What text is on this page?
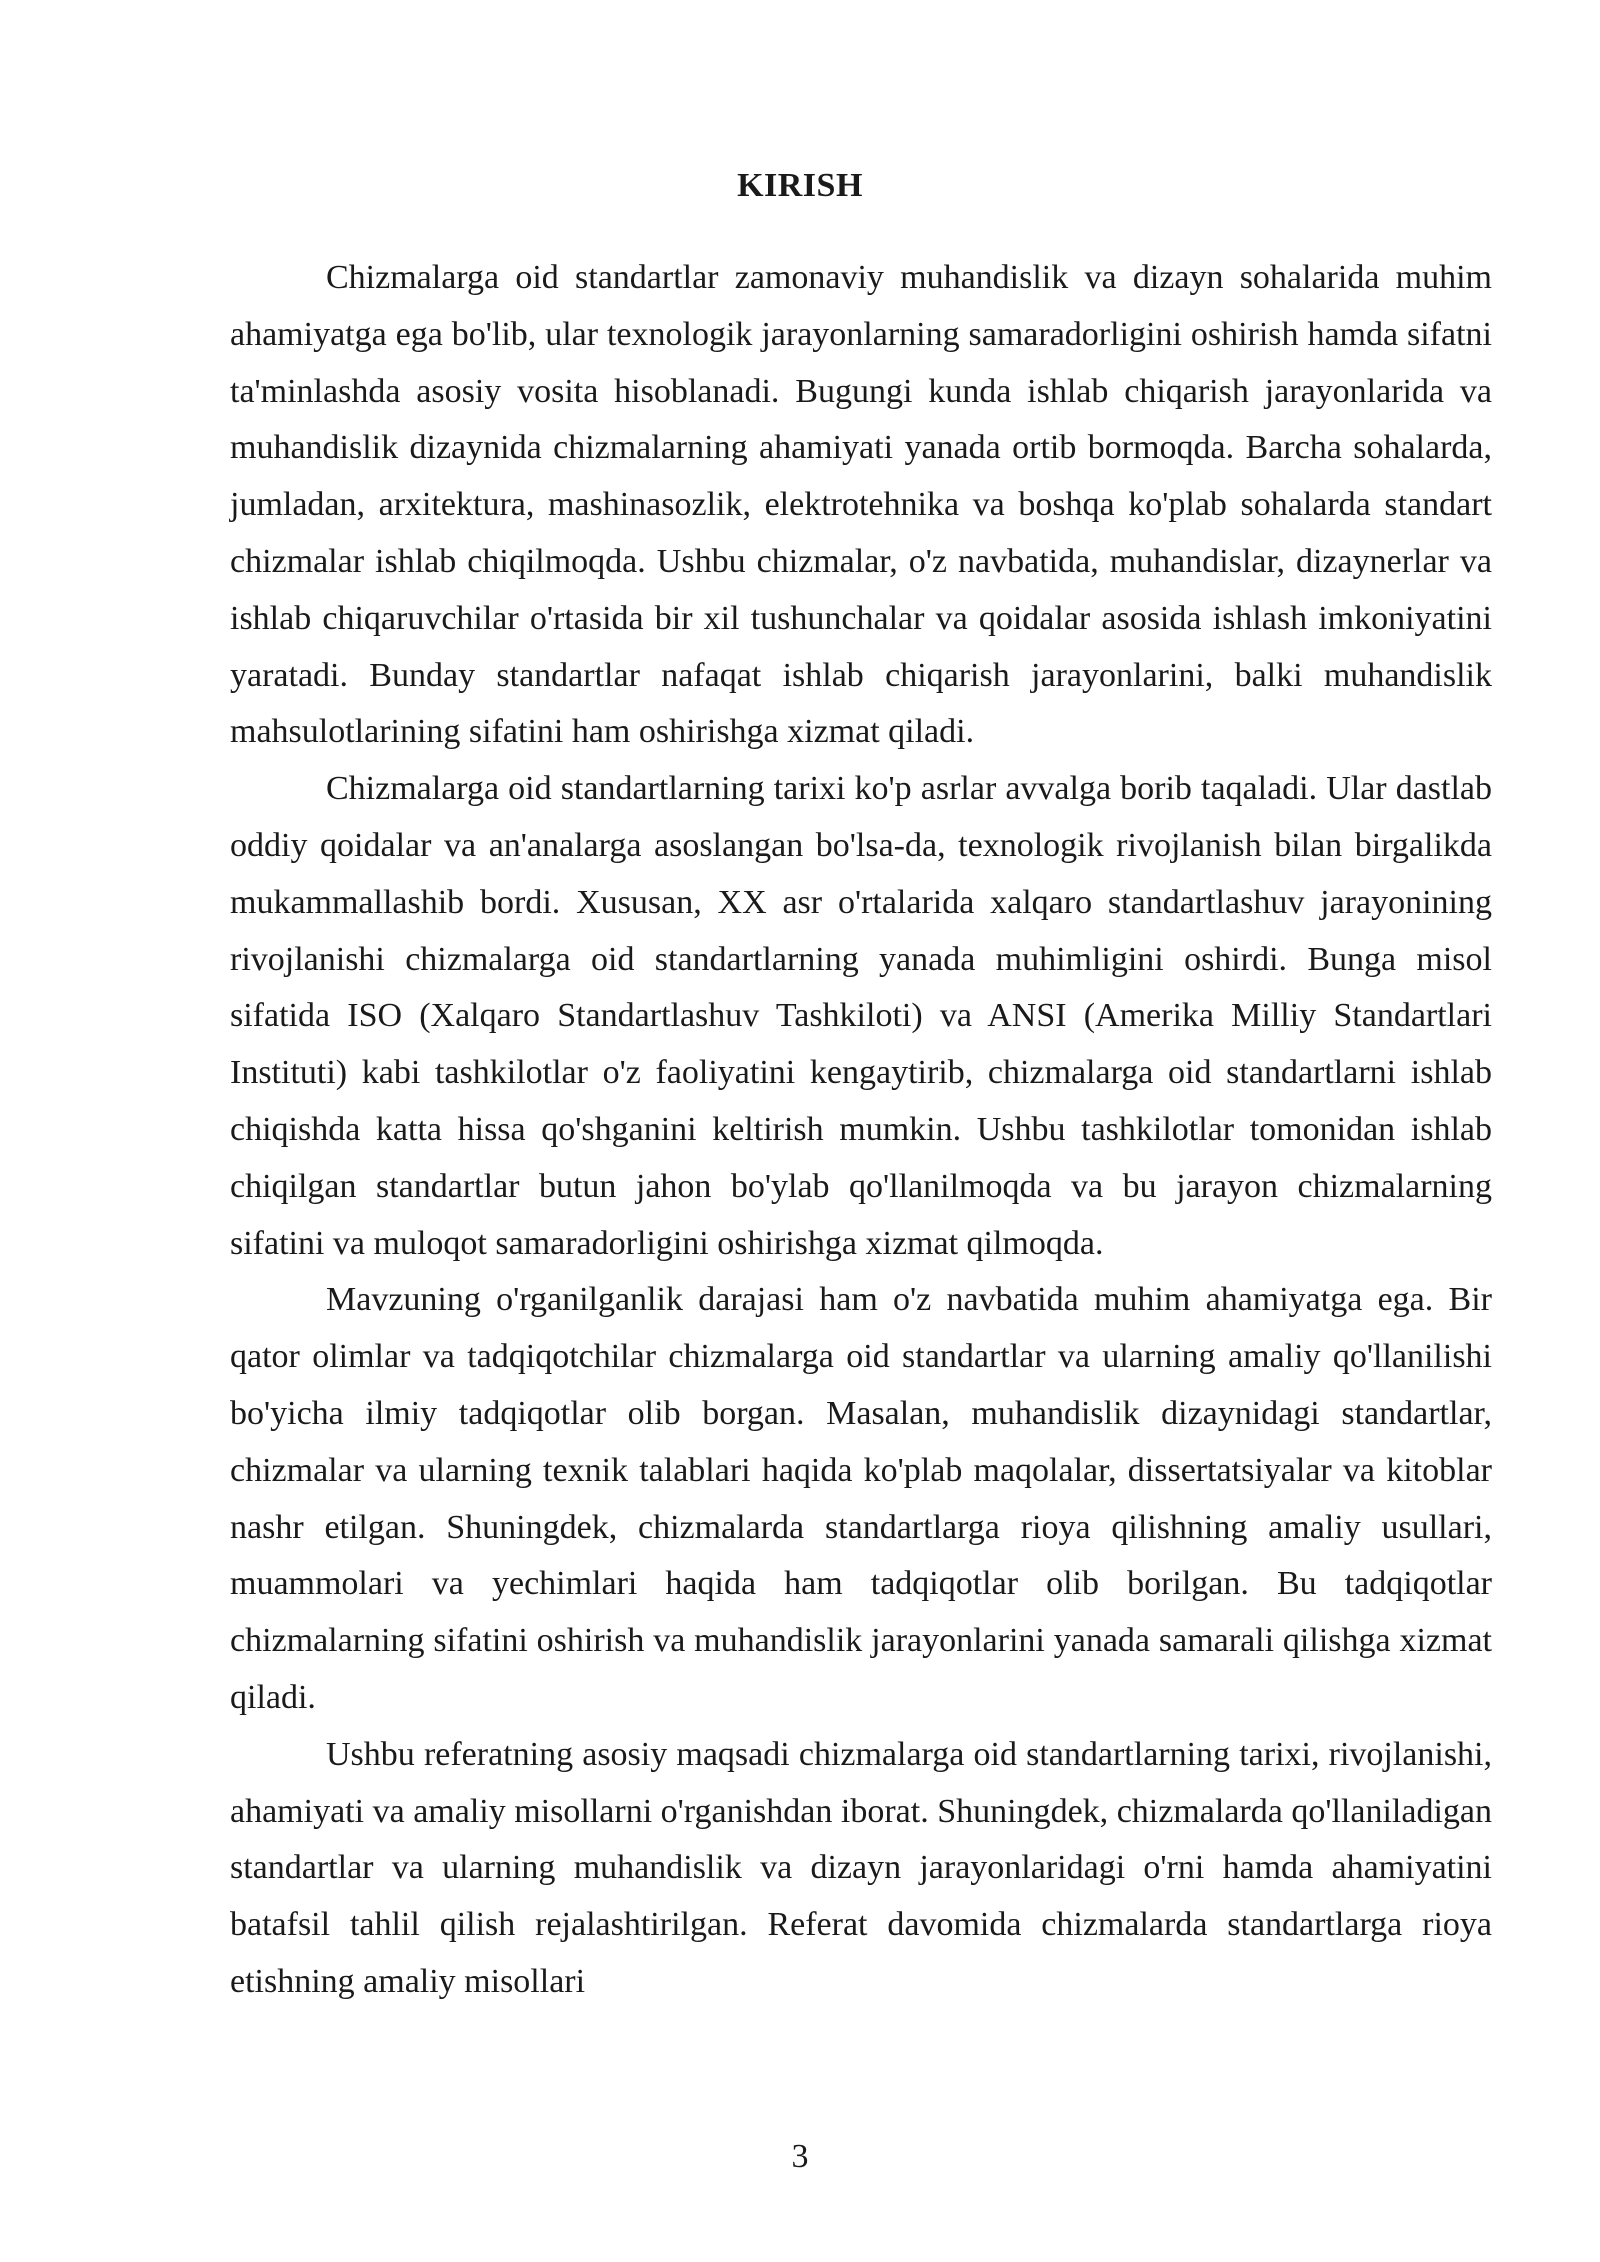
KIRISH

Chizmalarga oid standartlar zamonaviy muhandislik va dizayn sohalarida muhim ahamiyatga ega bo'lib, ular texnologik jarayonlarning samaradorligini oshirish hamda sifatni ta'minlashda asosiy vosita hisoblanadi. Bugungi kunda ishlab chiqarish jarayonlarida va muhandislik dizaynida chizmalarning ahamiyati yanada ortib bormoqda. Barcha sohalarda, jumladan, arxitektura, mashinasozlik, elektrotehnika va boshqa ko'plab sohalarda standart chizmalar ishlab chiqilmoqda. Ushbu chizmalar, o'z navbatida, muhandislar, dizaynerlar va ishlab chiqaruvchilar o'rtasida bir xil tushunchalar va qoidalar asosida ishlash imkoniyatini yaratadi. Bunday standartlar nafaqat ishlab chiqarish jarayonlarini, balki muhandislik mahsulotlarining sifatini ham oshirishga xizmat qiladi.

Chizmalarga oid standartlarning tarixi ko'p asrlar avvalga borib taqaladi. Ular dastlab oddiy qoidalar va an'analarga asoslangan bo'lsa-da, texnologik rivojlanish bilan birgalikda mukammallashib bordi. Xususan, XX asr o'rtalarida xalqaro standartlashuv jarayonining rivojlanishi chizmalarga oid standartlarning yanada muhimligini oshirdi. Bunga misol sifatida ISO (Xalqaro Standartlashuv Tashkiloti) va ANSI (Amerika Milliy Standartlari Instituti) kabi tashkilotlar o'z faoliyatini kengaytirib, chizmalarga oid standartlarni ishlab chiqishda katta hissa qo'shganini keltirish mumkin. Ushbu tashkilotlar tomonidan ishlab chiqilgan standartlar butun jahon bo'ylab qo'llanilmoqda va bu jarayon chizmalarning sifatini va muloqot samaradorligini oshirishga xizmat qilmoqda.

Mavzuning o'rganilganlik darajasi ham o'z navbatida muhim ahamiyatga ega. Bir qator olimlar va tadqiqotchilar chizmalarga oid standartlar va ularning amaliy qo'llanilishi bo'yicha ilmiy tadqiqotlar olib borgan. Masalan, muhandislik dizaynidagi standartlar, chizmalar va ularning texnik talablari haqida ko'plab maqolalar, dissertatsiyalar va kitoblar nashr etilgan. Shuningdek, chizmalarda standartlarga rioya qilishning amaliy usullari, muammolari va yechimlari haqida ham tadqiqotlar olib borilgan. Bu tadqiqotlar chizmalarning sifatini oshirish va muhandislik jarayonlarini yanada samarali qilishga xizmat qiladi.

Ushbu referatning asosiy maqsadi chizmalarga oid standartlarning tarixi, rivojlanishi, ahamiyati va amaliy misollarni o'rganishdan iborat. Shuningdek, chizmalarda qo'llaniladigan standartlar va ularning muhandislik va dizayn jarayonlaridagi o'rni hamda ahamiyatini batafsil tahlil qilish rejalashtirilgan. Referat davomida chizmalarda standartlarga rioya etishning amaliy misollari

3
